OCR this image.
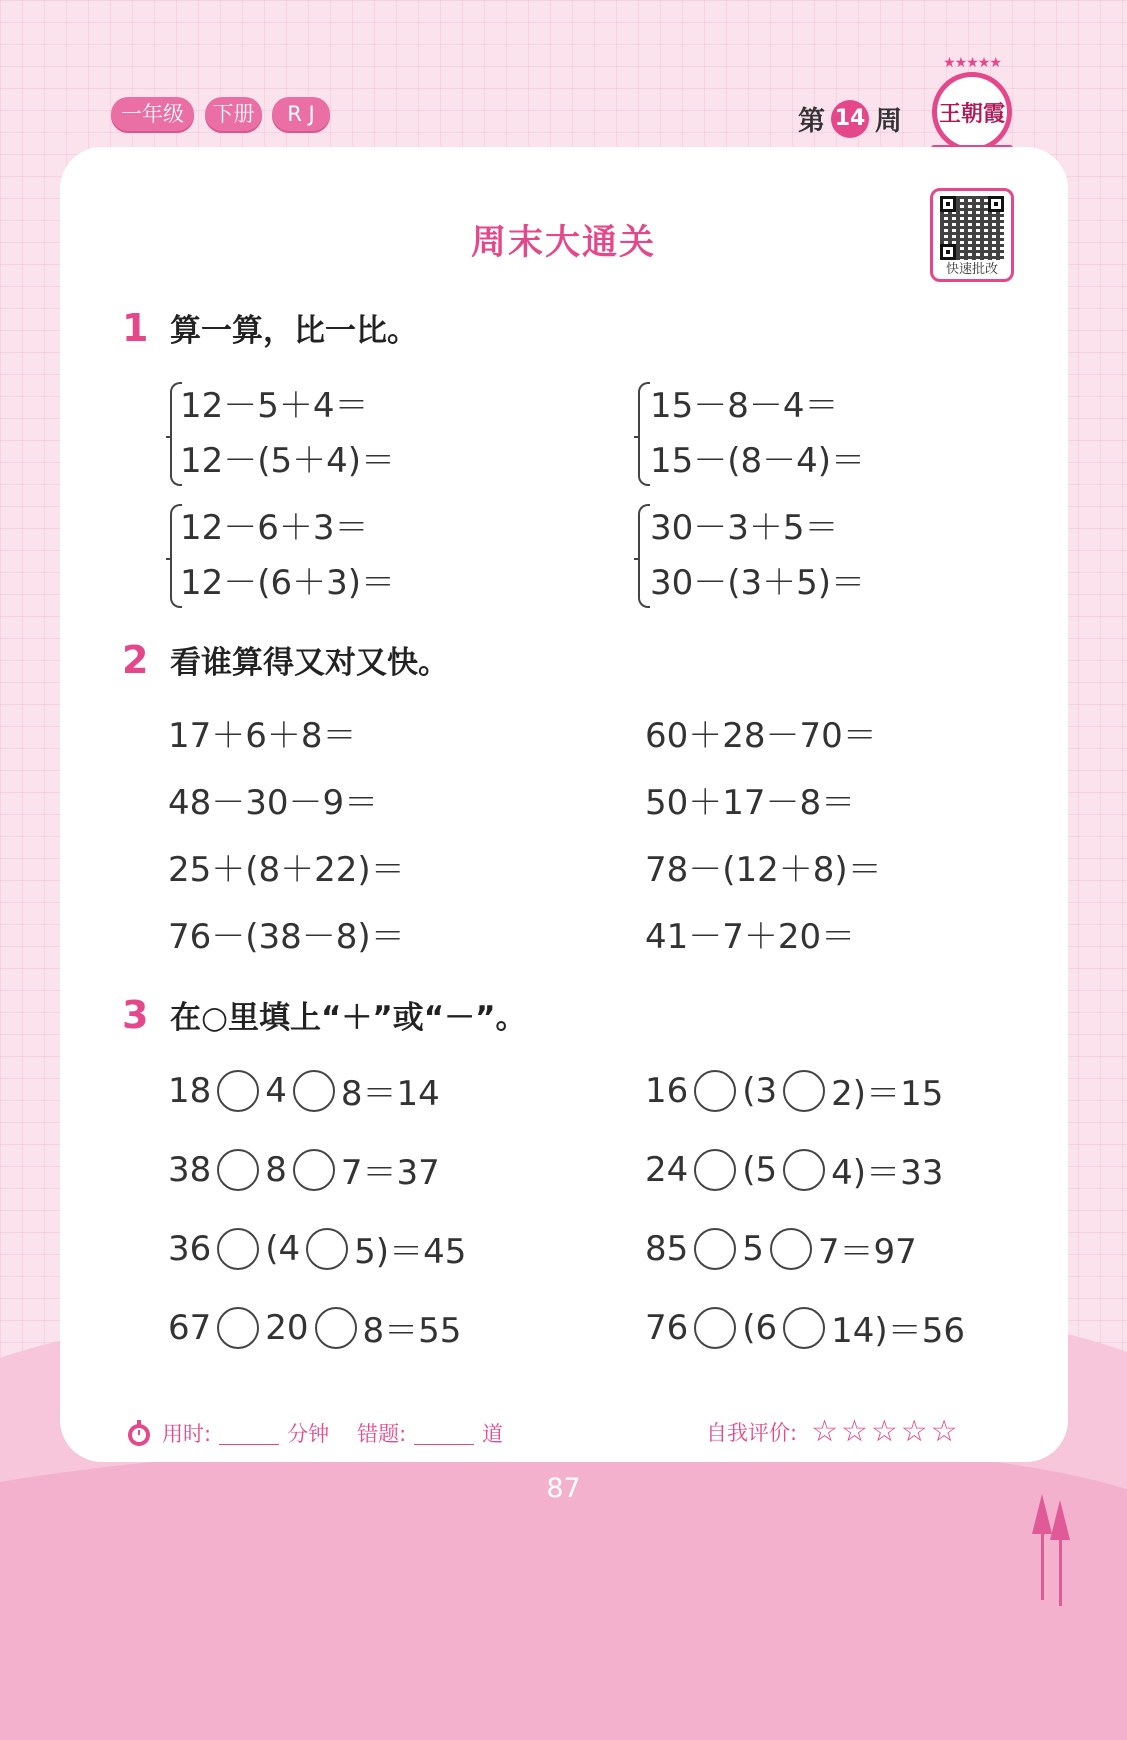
一年级	下册	R J	第 14 周
★★★★★
王朝霞
周末大通关
快速批改
1 算一算，比一比。
12－5＋4＝
12－(5＋4)＝
15－8－4＝
15－(8－4)＝
12－6＋3＝
12－(6＋3)＝
30－3＋5＝
30－(3＋5)＝
2 看谁算得又对又快。
17＋6＋8＝
48－30－9＝
25＋(8＋22)＝
76－(38－8)＝
60＋28－70＝
50＋17－8＝
78－(12＋8)＝
41－7＋20＝
3 在○里填上“＋”或“－”。
18 4 8＝14
38 8 7＝37
36 (4 5)＝45
67 20 8＝55
16 (3 2)＝15
24 (5 4)＝33
85 5 7＝97
76 (6 14)＝56
用时:	分钟 错题:	道	自我评价: ☆☆☆☆☆
87
